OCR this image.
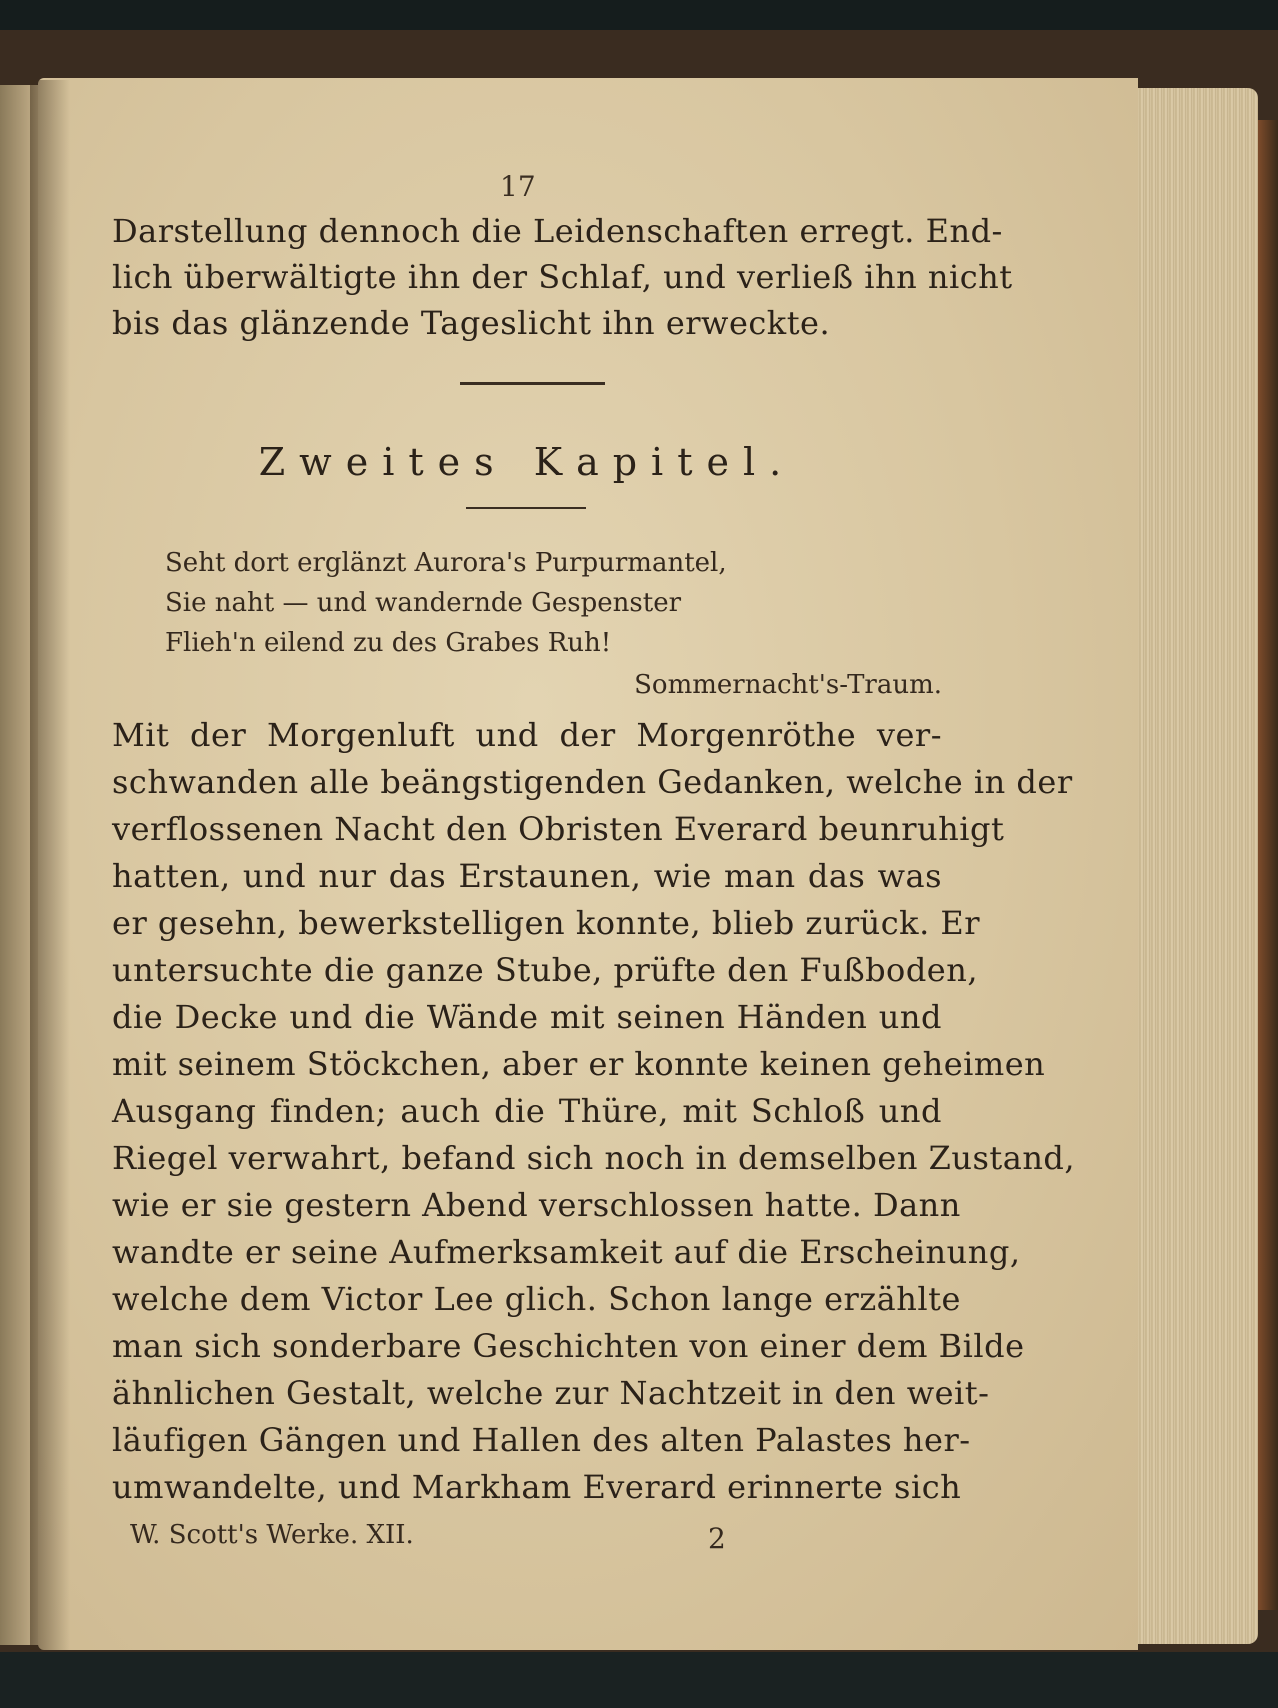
17
Darstellung dennoch die Leidenschaften erregt. End-
lich überwältigte ihn der Schlaf, und verließ ihn nicht
bis das glänzende Tageslicht ihn erweckte.
Zweites Kapitel.
Seht dort erglänzt Aurora's Purpurmantel,
Sie naht — und wandernde Gespenster
Flieh'n eilend zu des Grabes Ruh!
Sommernacht's-Traum.
Mit der Morgenluft und der Morgenröthe ver-
schwanden alle beängstigenden Gedanken, welche in der
verflossenen Nacht den Obristen Everard beunruhigt
hatten, und nur das Erstaunen, wie man das was
er gesehn, bewerkstelligen konnte, blieb zurück. Er
untersuchte die ganze Stube, prüfte den Fußboden,
die Decke und die Wände mit seinen Händen und
mit seinem Stöckchen, aber er konnte keinen geheimen
Ausgang finden; auch die Thüre, mit Schloß und
Riegel verwahrt, befand sich noch in demselben Zustand,
wie er sie gestern Abend verschlossen hatte. Dann
wandte er seine Aufmerksamkeit auf die Erscheinung,
welche dem Victor Lee glich. Schon lange erzählte
man sich sonderbare Geschichten von einer dem Bilde
ähnlichen Gestalt, welche zur Nachtzeit in den weit-
läufigen Gängen und Hallen des alten Palastes her-
umwandelte, und Markham Everard erinnerte sich
W. Scott's Werke. XII.	2
